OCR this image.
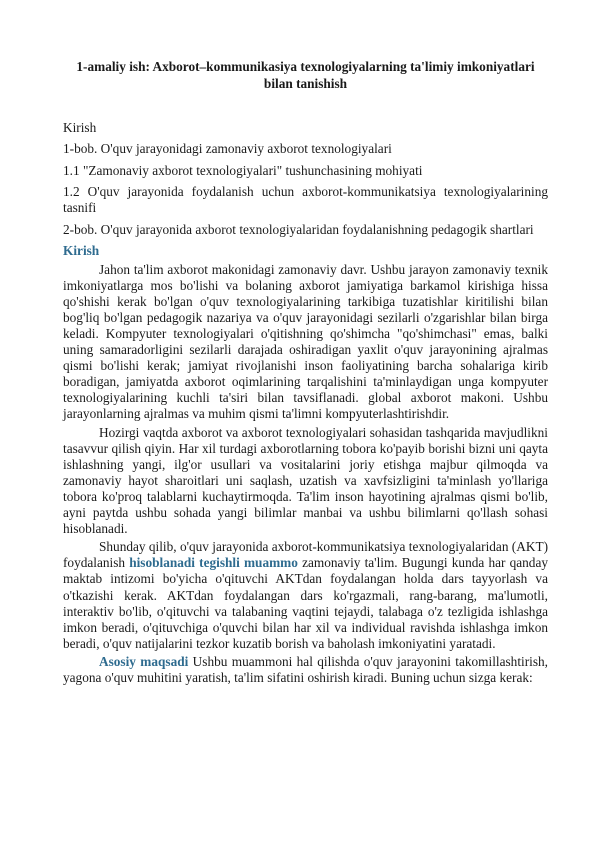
1-amaliy ish: Axborot–kommunikasiya texnologiyalarning ta'limiy imkoniyatlari bilan tanishish

Kirish

1-bob. O'quv jarayonidagi zamonaviy axborot texnologiyalari

1.1 "Zamonaviy axborot texnologiyalari" tushunchasining mohiyati

1.2 O'quv jarayonida foydalanish uchun axborot-kommunikatsiya texnologiyalarining tasnifi

2-bob. O'quv jarayonida axborot texnologiyalaridan foydalanishning pedagogik shartlari

Kirish

Jahon ta'lim axborot makonidagi zamonaviy davr. Ushbu jarayon zamonaviy texnik imkoniyatlarga mos bo'lishi va bolaning axborot jamiyatiga barkamol kirishiga hissa qo'shishi kerak bo'lgan o'quv texnologiyalarining tarkibiga tuzatishlar kiritilishi bilan bog'liq bo'lgan pedagogik nazariya va o'quv jarayonidagi sezilarli o'zgarishlar bilan birga keladi. Kompyuter texnologiyalari o'qitishning qo'shimcha "qo'shimchasi" emas, balki uning samaradorligini sezilarli darajada oshiradigan yaxlit o'quv jarayonining ajralmas qismi bo'lishi kerak; jamiyat rivojlanishi inson faoliyatining barcha sohalariga kirib boradigan, jamiyatda axborot oqimlarining tarqalishini ta'minlaydigan unga kompyuter texnologiyalarining kuchli ta'siri bilan tavsiflanadi. global axborot makoni. Ushbu jarayonlarning ajralmas va muhim qismi ta'limni kompyuterlashtirishdir.

Hozirgi vaqtda axborot va axborot texnologiyalari sohasidan tashqarida mavjudlikni tasavvur qilish qiyin. Har xil turdagi axborotlarning tobora ko'payib borishi bizni uni qayta ishlashning yangi, ilg'or usullari va vositalarini joriy etishga majbur qilmoqda va zamonaviy hayot sharoitlari uni saqlash, uzatish va xavfsizligini ta'minlash yo'llariga tobora ko'proq talablarni kuchaytirmoqda. Ta'lim inson hayotining ajralmas qismi bo'lib, ayni paytda ushbu sohada yangi bilimlar manbai va ushbu bilimlarni qo'llash sohasi hisoblanadi.

Shunday qilib, o'quv jarayonida axborot-kommunikatsiya texnologiyalaridan (AKT) foydalanish hisoblanadi tegishli muammo zamonaviy ta'lim. Bugungi kunda har qanday maktab intizomi bo'yicha o'qituvchi AKTdan foydalangan holda dars tayyorlash va o'tkazishi kerak. AKTdan foydalangan dars ko'rgazmali, rang-barang, ma'lumotli, interaktiv bo'lib, o'qituvchi va talabaning vaqtini tejaydi, talabaga o'z tezligida ishlashga imkon beradi, o'qituvchiga o'quvchi bilan har xil va individual ravishda ishlashga imkon beradi, o'quv natijalarini tezkor kuzatib borish va baholash imkoniyatini yaratadi.

Asosiy maqsadi Ushbu muammoni hal qilishda o'quv jarayonini takomillashtirish, yagona o'quv muhitini yaratish, ta'lim sifatini oshirish kiradi. Buning uchun sizga kerak:
